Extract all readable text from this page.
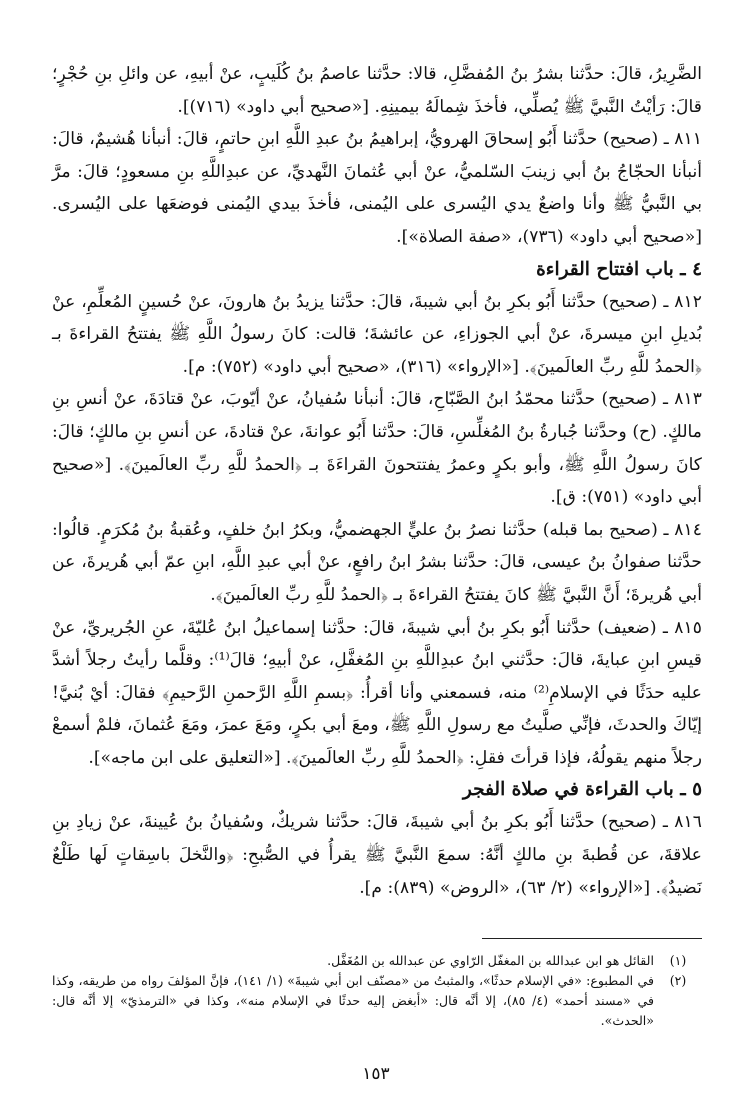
الضَّرِيرُ، قالَ: حدَّثنا بشرُ بنُ المُفضَّلِ، قالا: حدَّثنا عاصمُ بنُ كُلَيبٍ، عنْ أبيهِ، عن وائلِ بنِ حُجْرٍ؛ قالَ: رَأيْتُ النَّبيَّ ﷺ يُصلِّي، فأخذَ شِمالَهُ بيمينِهِ. [«صحيح أبي داود» (٧١٦)].

٨١١ ـ (صحيح) حدَّثنا أَبُو إسحاقَ الهرويُّ، إبراهيمُ بنُ عبدِ اللَّهِ ابنِ حاتمٍ، قالَ: أنبأنا هُشيمٌ، قالَ: أنبأنا الحجّاجُ بنُ أبي زينبَ السّلميُّ، عنْ أبي عُثمانَ النَّهديِّ، عن عبدِاللَّهِ بنِ مسعودٍ؛ قالَ: مرَّ بي النَّبيُّ ﷺ وأنا واضعٌ يدي اليُسرى على اليُمنى، فأخذَ بيدي اليُمنى فوضعَها على اليُسرى. [«صحيح أبي داود» (٧٣٦)، «صفة الصلاة»].

٤ ـ باب افتتاح القراءة

٨١٢ ـ (صحيح) حدَّثنا أَبُو بكرِ بنُ أبي شيبةَ، قالَ: حدَّثنا يزيدُ بنُ هارونَ، عنْ حُسينٍ المُعلِّمِ، عنْ بُديلِ ابنِ ميسرةَ، عنْ أبي الجوزاءِ، عن عائشةَ؛ قالت: كانَ رسولُ اللَّهِ ﷺ يفتتحُ القراءةَ بـ ﴿الحمدُ للَّهِ ربِّ العالَمينَ﴾. [«الإرواء» (٣١٦)، «صحيح أبي داود» (٧٥٢): م].

٨١٣ ـ (صحيح) حدَّثنا محمّدُ ابنُ الصَّبّاحِ، قالَ: أنبأنا سُفيانُ، عنْ أيّوبَ، عنْ قتادَةَ، عنْ أنسِ بنِ مالكٍ. (ح) وحدَّثنا جُبارةُ بنُ المُغلِّسِ، قالَ: حدَّثنا أَبُو عوانةَ، عنْ قتادةَ، عن أنسِ بنِ مالكٍ؛ قالَ: كانَ رسولُ اللَّهِ ﷺ، وأبو بكرٍ وعمرُ يفتتحونَ القراءَةَ بـ ﴿الحمدُ للَّهِ ربِّ العالَمينَ﴾. [«صحيح أبي داود» (٧٥١): ق].

٨١٤ ـ (صحيح بما قبله) حدَّثنا نصرُ بنُ عليٍّ الجهضميُّ، وبكرُ ابنُ خلفٍ، وعُقبةُ بنُ مُكرَمٍ. قالُوا: حدَّثنا صفوانُ بنُ عيسى، قالَ: حدَّثنا بشرُ ابنُ رافعٍ، عنْ أبي عبدِ اللَّهِ، ابنِ عمّ أبي هُريرةَ، عن أبي هُريرةَ؛ أَنَّ النَّبيَّ ﷺ كانَ يفتتحُ القراءةَ بـ ﴿الحمدُ للَّهِ ربِّ العالَمينَ﴾.

٨١٥ ـ (ضعيف) حدَّثنا أَبُو بكرِ بنُ أبي شيبةَ، قالَ: حدَّثنا إسماعيلُ ابنُ عُليّةَ، عنِ الجُريريِّ، عنْ قيسِ ابنِ عبايةَ، قالَ: حدَّثني ابنُ عبدِاللَّهِ بنِ المُغفَّلِ، عنْ أبيهِ؛ قالَ⁽¹⁾: وقلَّما رأيتُ رجلاً أشدَّ عليه حدَثًا في الإسلامِ⁽²⁾ منه، فسمعني وأنا أقرأُ: ﴿بسمِ اللَّهِ الرَّحمنِ الرَّحيمِ﴾ فقالَ: أيْ بُنيَّ! إيّاكَ والحدثَ، فإنِّي صلَّيتُ مع رسولِ اللَّهِ ﷺ، ومعَ أبي بكرٍ، ومَعَ عمرَ، ومَعَ عُثمانَ، فلمْ أسمعْ رجلاً منهم يقولُهُ، فإذا قرأتَ فقلِ: ﴿الحمدُ للَّهِ ربِّ العالَمينَ﴾. [«التعليق على ابن ماجه»].

٥ ـ باب القراءة في صلاة الفجر

٨١٦ ـ (صحيح) حدَّثنا أَبُو بكرِ بنُ أبي شيبةَ، قالَ: حدَّثنا شريكٌ، وسُفيانُ بنُ عُيينةَ، عنْ زيادِ بنِ علاقةَ، عن قُطبةَ بنِ مالكٍ أنَّهُ: سمعَ النَّبيَّ ﷺ يقرأُ في الصُّبحِ: ﴿والنَّخلَ باسِقاتٍ لَها طَلْعٌ نَضيدٌ﴾. [«الإرواء» (٢/ ٦٣)، «الروض» (٨٣٩): م].

(١)
القائل هو ابن عبدالله بن المغفّل الرّاوي عن عبدالله بن المُغَفَّل.
(٢)
في المطبوع: «في الإسلام حدثًا»، والمثبتُ من «مصنّف ابن أبي شيبةَ» (١/ ١٤١)، فإنَّ المؤلفَ رواه من طريقه، وكذا في «مسند أحمد» (٤/ ٨٥)، إلا أنَّه قال: «أبغض إليه حدثًا في الإسلام منه»، وكذا في «الترمذيّ» إلا أنَّه قال: «الحدث».
١٥٣
